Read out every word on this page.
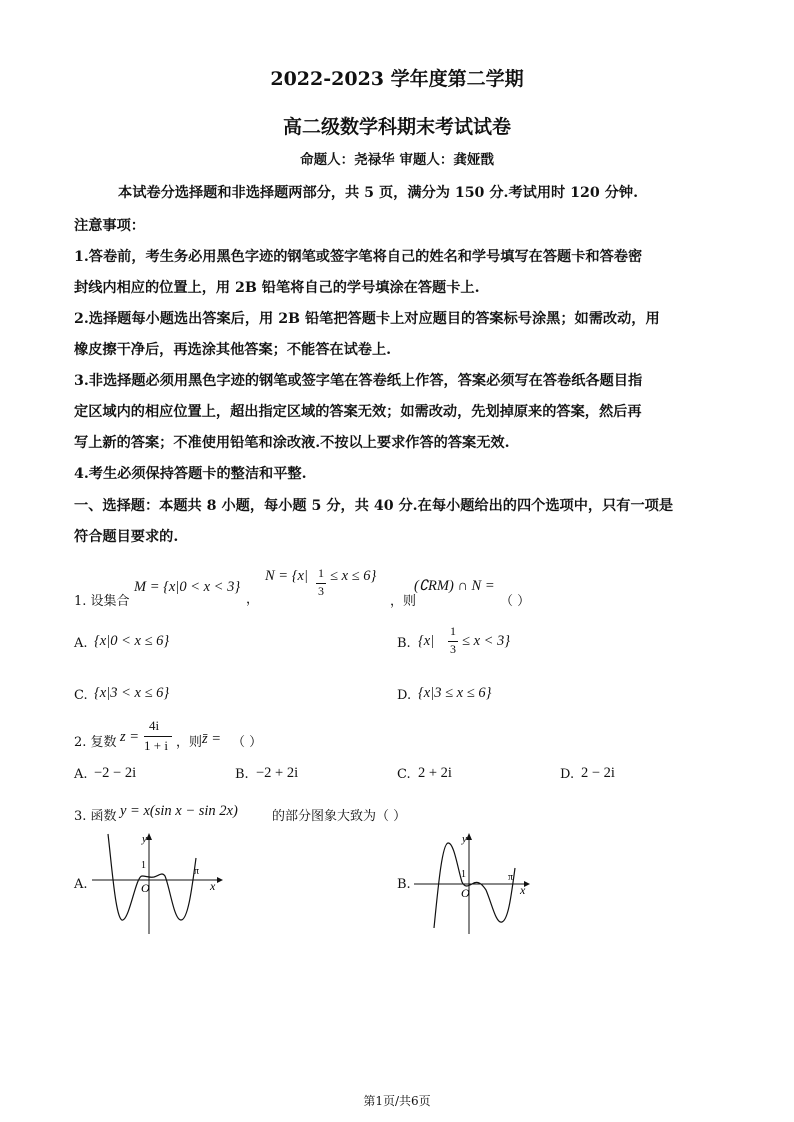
2022-2023 学年度第二学期
高二级数学科期末考试试卷
命题人：尧禄华 审题人：龚娅戬
本试卷分选择题和非选择题两部分，共 5 页，满分为 150 分.考试用时 120 分钟.
注意事项：
1.答卷前，考生务必用黑色字迹的钢笔或签字笔将自己的姓名和学号填写在答题卡和答卷密
封线内相应的位置上，用 2B 铅笔将自己的学号填涂在答题卡上.
2.选择题每小题选出答案后，用 2B 铅笔把答题卡上对应题目的答案标号涂黑；如需改动，用
橡皮擦干净后，再选涂其他答案；不能答在试卷上.
3.非选择题必须用黑色字迹的钢笔或签字笔在答卷纸上作答，答案必须写在答卷纸各题目指
定区域内的相应位置上，超出指定区域的答案无效；如需改动，先划掉原来的答案，然后再
写上新的答案；不准使用铅笔和涂改液.不按以上要求作答的答案无效.
4.考生必须保持答题卡的整洁和平整.
一、选择题：本题共 8 小题，每小题 5 分，共 40 分.在每小题给出的四个选项中，只有一项是
符合题目要求的.
1. 设集合
M = {x|0 < x < 3}
，
N = {x| 1
3
≤ x ≤ 6}
，则
(∁RM) ∩ N =
（ ）
A. {x|0 < x ≤ 6}	B. {x|
1
3 ≤ x < 3}
C. {x|3 < x ≤ 6}	D. {x|3 ≤ x ≤ 6}
2. 复数 z =
4i
1 + i ，则 z̄ = （ ）
A. −2 − 2i	B. −2 + 2i	C. 2 + 2i	D. 2 − 2i
3. 函数 y = x(sin x − sin 2x)	的部分图象大致为（ ）
A.
y
x
1
π
O	B.
y
x
1	π
O
第1页/共6页
